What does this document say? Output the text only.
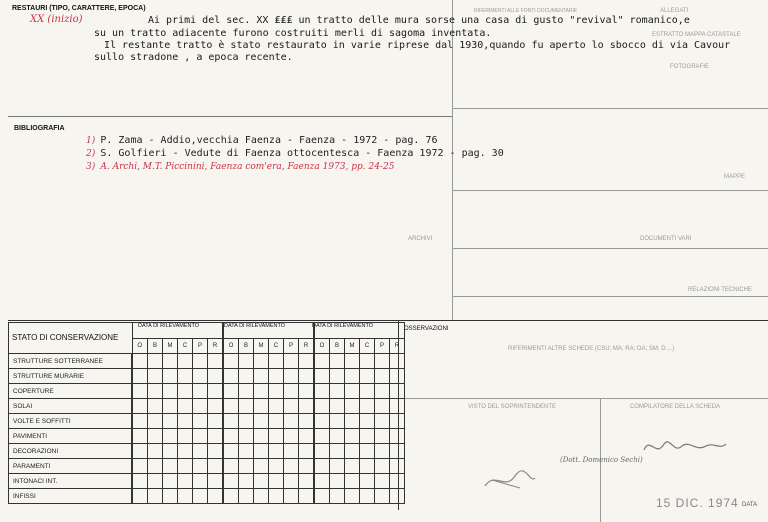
ALLEGATI
RIFERIMENTI ALLE FONTI DOCUMENTARIE
ESTRATTO MAPPA CATASTALE
FOTOGRAFIE
MAPPE
ARCHIVI	DOCUMENTI VARI
RELAZIONI TECNICHE
RIFERIMENTI ALTRE SCHEDE (CSU; MA; RA; OA; SM; D....)
COMPILATORE DELLA SCHEDA
VISTO DEL SOPRINTENDENTE
DATA
RESTAURI (TIPO, CARATTERE, EPOCA)
XX (inizio)	Ai primi del sec. XX ₤₤₤ un tratto delle mura sorse una casa di gusto "revival" romanico,e
su un tratto adiacente furono costruiti merli di sagoma inventata.
Il restante tratto è stato restaurato in varie riprese dal 1930,quando fu aperto lo sbocco di via Cavour
sullo stradone , a epoca recente.
BIBLIOGRAFIA
1) P. Zama - Addio,vecchia Faenza - Faenza - 1972 - pag. 76
2) S. Golfieri - Vedute di Faenza ottocentesca - Faenza 1972 - pag. 30
3) A. Archi, M.T. Piccinini, Faenza com'era, Faenza 1973, pp. 24-25
STATO DI CONSERVAZIONE
DATA DI RILEVAMENTO	DATA DI RILEVAMENTO	DATA DI RILEVAMENTO	OSSERVAZIONI

	O	B	M	C	P	R	O	B	M	C	P	R	O	B	M	C	P	R
STRUTTURE SOTTERRANEE																		
STRUTTURE MURARIE																		
COPERTURE																		
SOLAI																		
VOLTE E SOFFITTI																		
PAVIMENTI																		
DECORAZIONI																		
PARAMENTI																		
INTONACI INT.																		
INFISSI																		
(Dott. Domenico Sechi)
15 DIC. 1974
